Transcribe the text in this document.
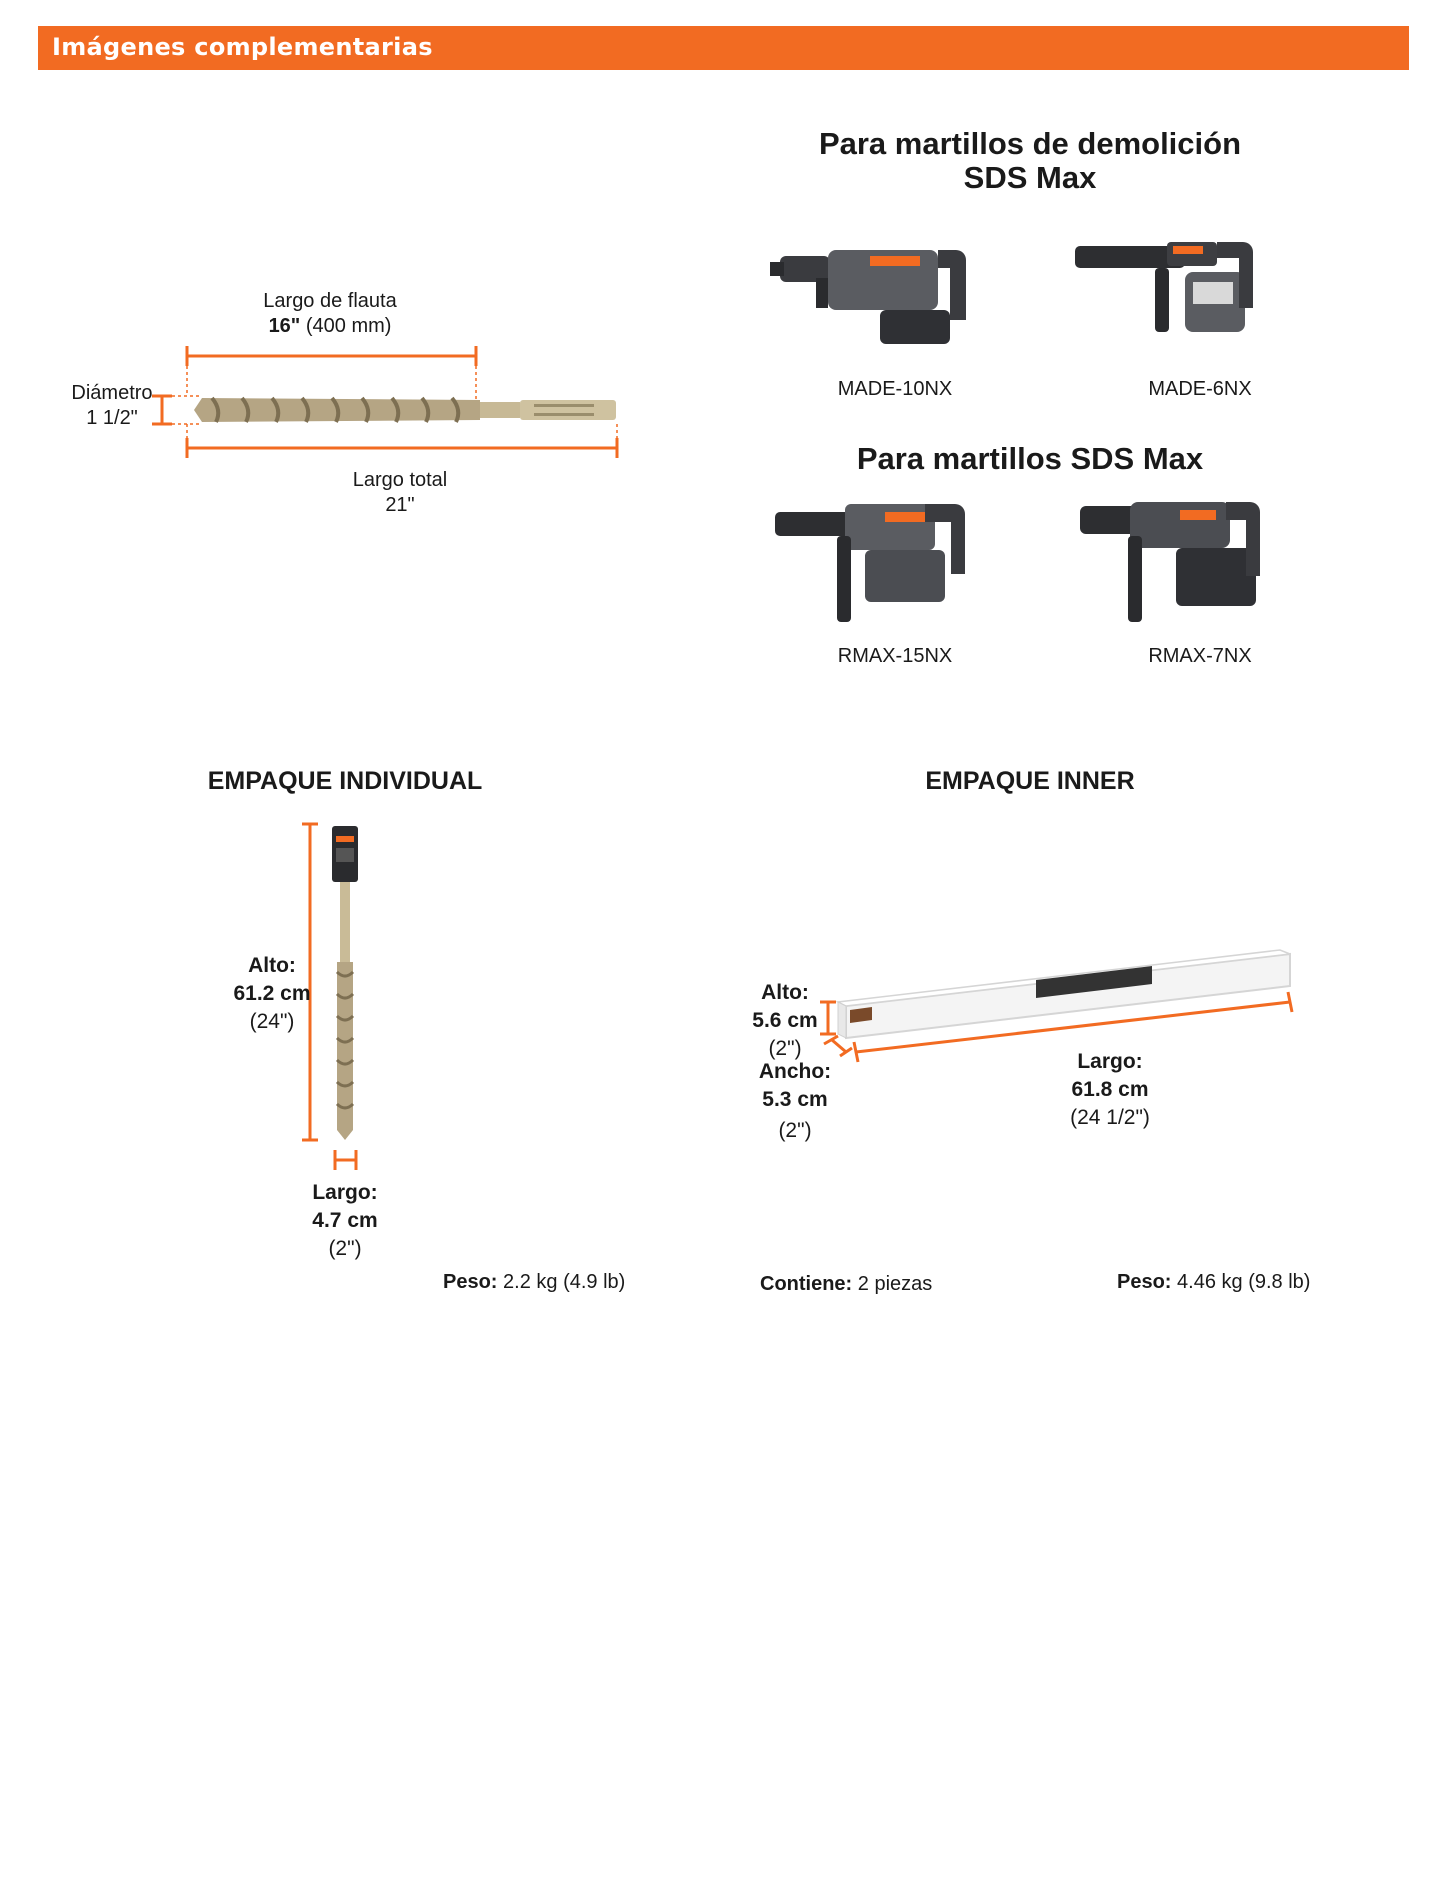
Imágenes complementarias
Largo de flauta
16" (400 mm)
Diámetro
1 1/2"
Largo total
21"
Para martillos de demolición
SDS Max
MADE-10NX	MADE-6NX
Para martillos SDS Max
RMAX-15NX	RMAX-7NX
EMPAQUE INDIVIDUAL
Alto:
61.2 cm
(24")
Largo:
4.7 cm
(2")
Peso: 2.2 kg (4.9 lb)
EMPAQUE INNER
Alto:
5.6 cm
(2")
Ancho:
5.3 cm
(2")
Largo:
61.8 cm
(24 1/2")
Contiene: 2 piezas	Peso: 4.46 kg (9.8 lb)
